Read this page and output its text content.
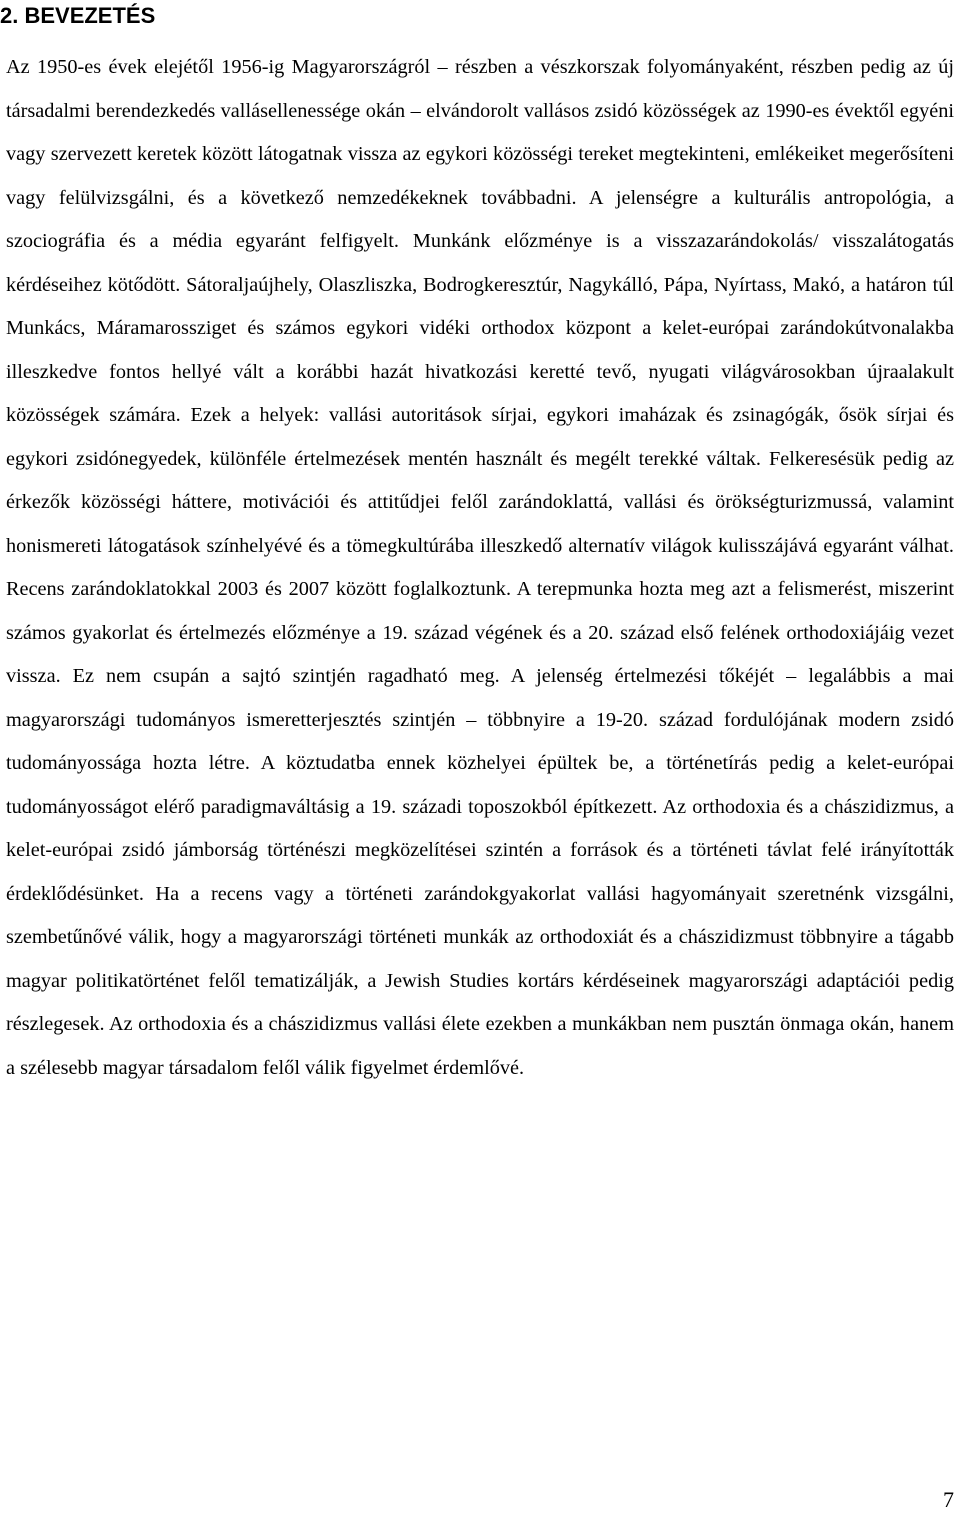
2. BEVEZETÉS

Az 1950-es évek elejétől 1956-ig Magyarországról – részben a vészkorszak folyományaként, részben pedig az új társadalmi berendezkedés vallásellenessége okán – elvándorolt vallásos zsidó közösségek az 1990-es évektől egyéni vagy szervezett keretek között látogatnak vissza az egykori közösségi tereket megtekinteni, emlékeiket megerősíteni vagy felülvizsgálni, és a következő nemzedékeknek továbbadni. A jelenségre a kulturális antropológia, a szociográfia és a média egyaránt felfigyelt. Munkánk előzménye is a visszazarándokolás/ visszalátogatás kérdéseihez kötődött. Sátoraljaújhely, Olaszliszka, Bodrogkeresztúr, Nagykálló, Pápa, Nyírtass, Makó, a határon túl Munkács, Máramarossziget és számos egykori vidéki orthodox központ a kelet-európai zarándokútvonalakba illeszkedve fontos hellyé vált a korábbi hazát hivatkozási keretté tevő, nyugati világvárosokban újraalakult közösségek számára. Ezek a helyek: vallási autoritások sírjai, egykori imaházak és zsinagógák, ősök sírjai és egykori zsidónegyedek, különféle értelmezések mentén használt és megélt terekké váltak. Felkeresésük pedig az érkezők közösségi háttere, motivációi és attitűdjei felől zarándoklattá, vallási és örökségturizmussá, valamint honismereti látogatások színhelyévé és a tömegkultúrába illeszkedő alternatív világok kulisszájává egyaránt válhat. Recens zarándoklatokkal 2003 és 2007 között foglalkoztunk. A terepmunka hozta meg azt a felismerést, miszerint számos gyakorlat és értelmezés előzménye a 19. század végének és a 20. század első felének orthodoxiájáig vezet vissza. Ez nem csupán a sajtó szintjén ragadható meg. A jelenség értelmezési tőkéjét – legalábbis a mai magyarországi tudományos ismeretterjesztés szintjén – többnyire a 19-20. század fordulójának modern zsidó tudományossága hozta létre. A köztudatba ennek közhelyei épültek be, a történetírás pedig a kelet-európai tudományosságot elérő paradigmaváltásig a 19. századi toposzokból építkezett. Az orthodoxia és a chászidizmus, a kelet-európai zsidó jámborság történészi megközelítései szintén a források és a történeti távlat felé irányították érdeklődésünket. Ha a recens vagy a történeti zarándokgyakorlat vallási hagyományait szeretnénk vizsgálni, szembetűnővé válik, hogy a magyarországi történeti munkák az orthodoxiát és a chászidizmust többnyire a tágabb magyar politikatörténet felől tematizálják, a Jewish Studies kortárs kérdéseinek magyarországi adaptációi pedig részlegesek. Az orthodoxia és a chászidizmus vallási élete ezekben a munkákban nem pusztán önmaga okán, hanem a szélesebb magyar társadalom felől válik figyelmet érdemlővé.

7
